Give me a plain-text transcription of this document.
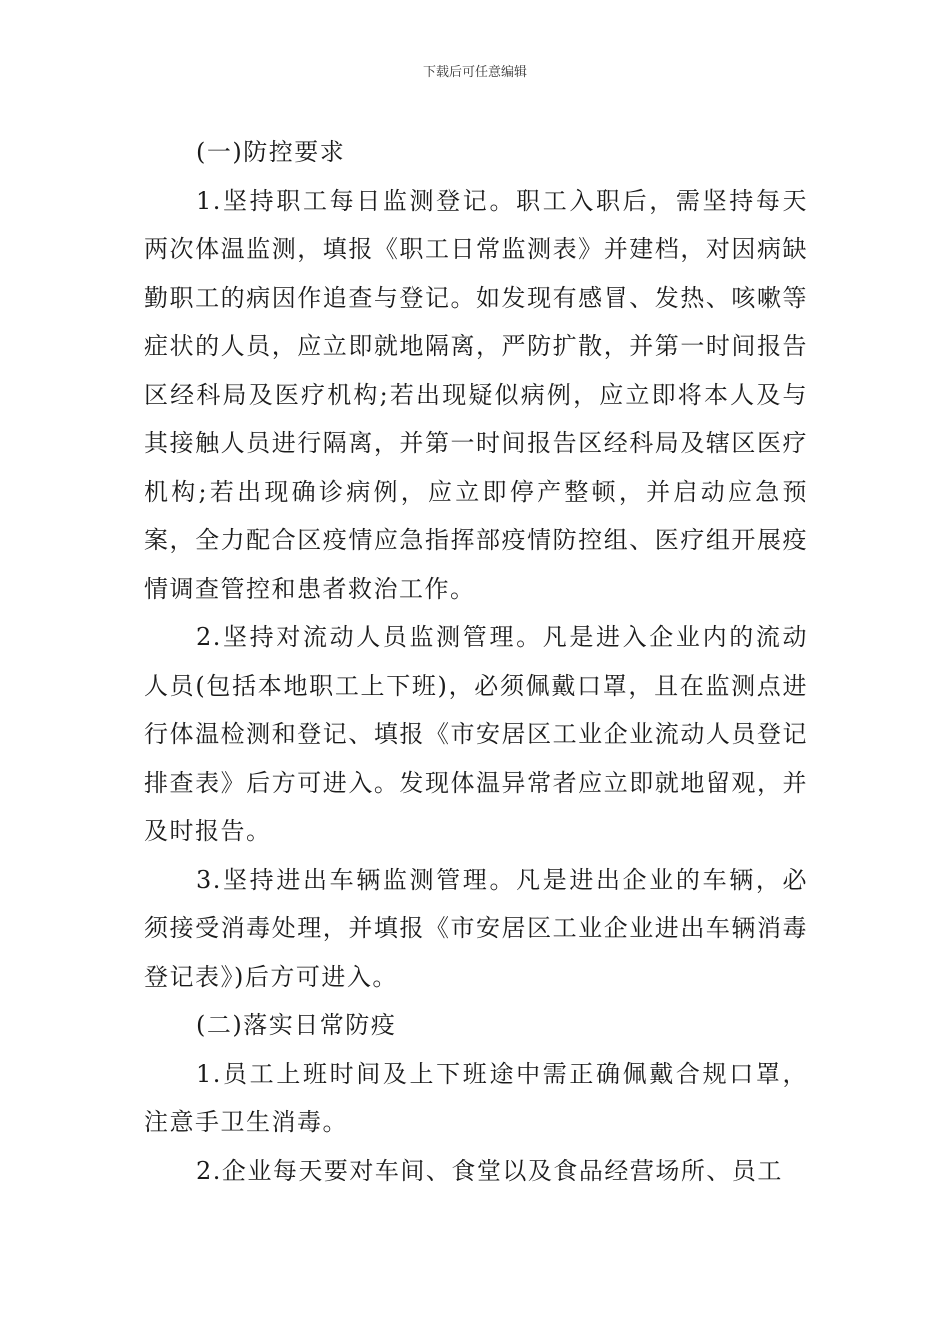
下载后可任意编辑

(一)防控要求

1.坚持职工每日监测登记。职工入职后，需坚持每天两次体温监测，填报《职工日常监测表》并建档，对因病缺勤职工的病因作追查与登记。如发现有感冒、发热、咳嗽等症状的人员，应立即就地隔离，严防扩散，并第一时间报告区经科局及医疗机构;若出现疑似病例，应立即将本人及与其接触人员进行隔离，并第一时间报告区经科局及辖区医疗机构;若出现确诊病例，应立即停产整顿，并启动应急预案，全力配合区疫情应急指挥部疫情防控组、医疗组开展疫情调查管控和患者救治工作。

2.坚持对流动人员监测管理。凡是进入企业内的流动人员(包括本地职工上下班)，必须佩戴口罩，且在监测点进行体温检测和登记、填报《市安居区工业企业流动人员登记排查表》后方可进入。发现体温异常者应立即就地留观，并及时报告。

3.坚持进出车辆监测管理。凡是进出企业的车辆，必须接受消毒处理，并填报《市安居区工业企业进出车辆消毒登记表》)后方可进入。

(二)落实日常防疫

1.员工上班时间及上下班途中需正确佩戴合规口罩，注意手卫生消毒。

2.企业每天要对车间、食堂以及食品经营场所、员工
